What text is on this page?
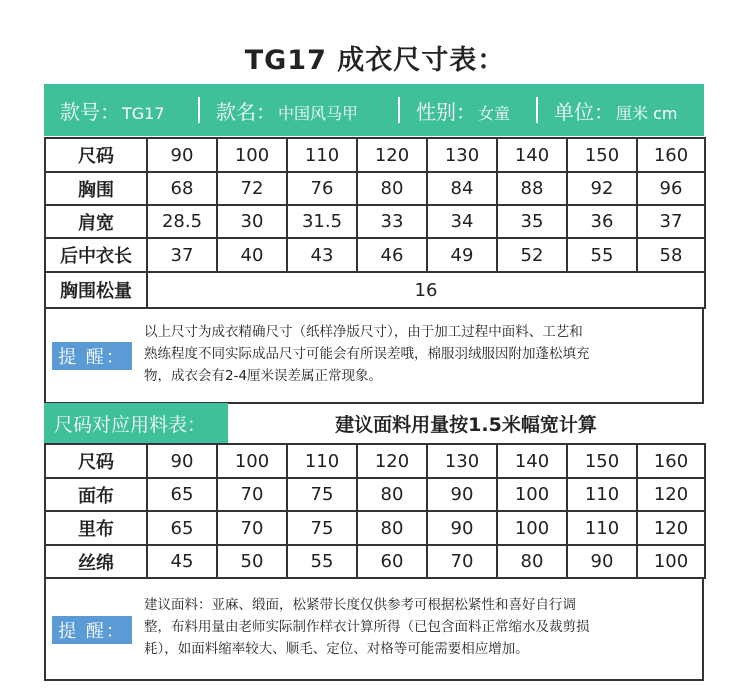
TG17 成衣尺寸表：
款号： TG17	款名： 中国风马甲	性别： 女童 单位： 厘米 cm
尺码	90	100	110	120	130	140	150	160
胸围	68	72	76	80	84	88	92	96
肩宽	28.5	30	31.5	33	34	35	36	37
后中衣长	37	40	43	46	49	52	55	58
胸围松量	16							
提 醒：
以上尺寸为成衣精确尺寸（纸样净版尺寸），由于加工过程中面料、工艺和
熟练程度不同实际成品尺寸可能会有所误差哦，棉服羽绒服因附加蓬松填充
物，成衣会有2-4厘米误差属正常现象。
尺码对应用料表：	建议面料用量按1.5米幅宽计算
尺码	90	100	110	120	130	140	150	160
面布	65	70	75	80	90	100	110	120
里布	65	70	75	80	90	100	110	120
丝绵	45	50	55	60	70	80	90	100
提 醒：
建议面料：亚麻、缎面，松紧带长度仅供参考可根据松紧性和喜好自行调
整，布料用量由老师实际制作样衣计算所得（已包含面料正常缩水及裁剪损
耗），如面料缩率较大、顺毛、定位、对格等可能需要相应增加。
